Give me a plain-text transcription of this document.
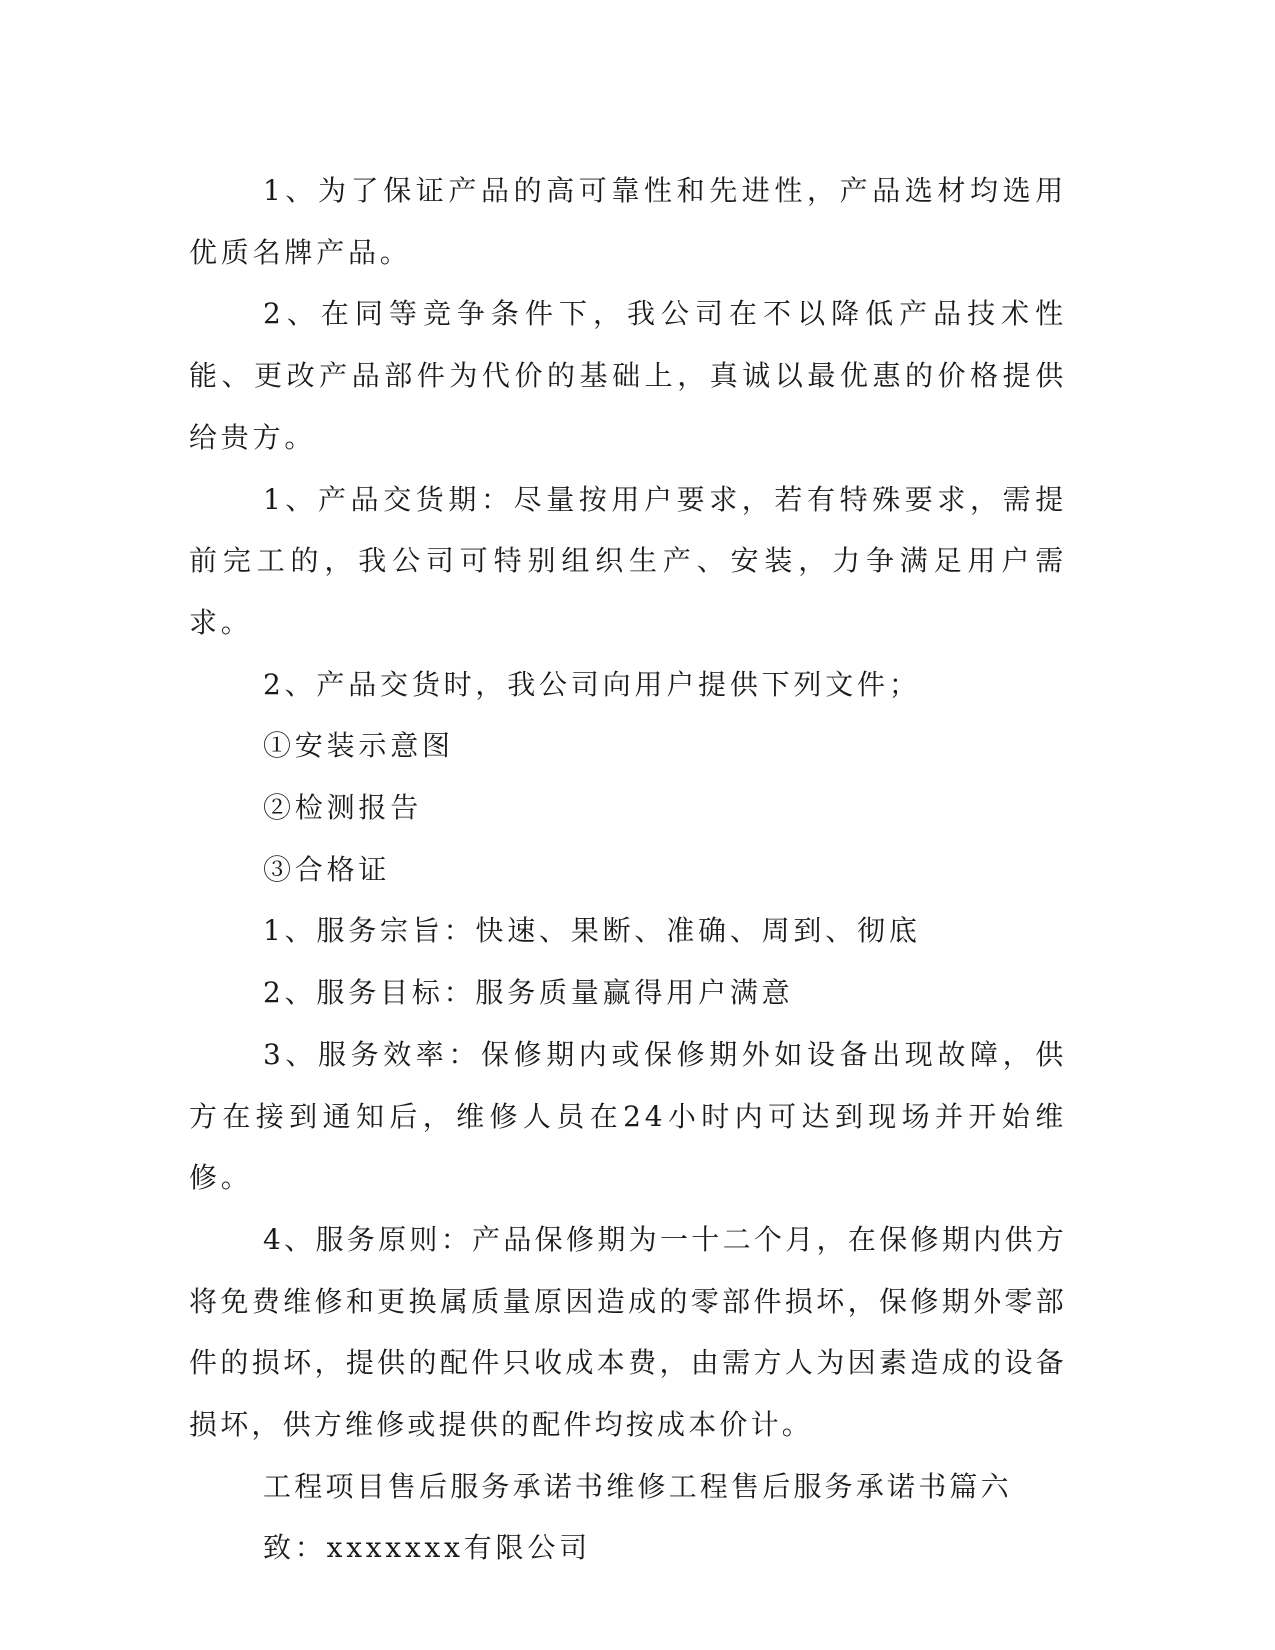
1、为了保证产品的高可靠性和先进性，产品选材均选用优质名牌产品。

2、在同等竞争条件下，我公司在不以降低产品技术性能、更改产品部件为代价的基础上，真诚以最优惠的价格提供给贵方。

1、产品交货期：尽量按用户要求，若有特殊要求，需提前完工的，我公司可特别组织生产、安装，力争满足用户需求。

2、产品交货时，我公司向用户提供下列文件；

①安装示意图

②检测报告

③合格证

1、服务宗旨：快速、果断、准确、周到、彻底

2、服务目标：服务质量赢得用户满意

3、服务效率：保修期内或保修期外如设备出现故障，供方在接到通知后，维修人员在24小时内可达到现场并开始维修。

4、服务原则：产品保修期为一十二个月，在保修期内供方将免费维修和更换属质量原因造成的零部件损坏，保修期外零部件的损坏，提供的配件只收成本费，由需方人为因素造成的设备损坏，供方维修或提供的配件均按成本价计。

工程项目售后服务承诺书维修工程售后服务承诺书篇六

致：xxxxxxx有限公司
